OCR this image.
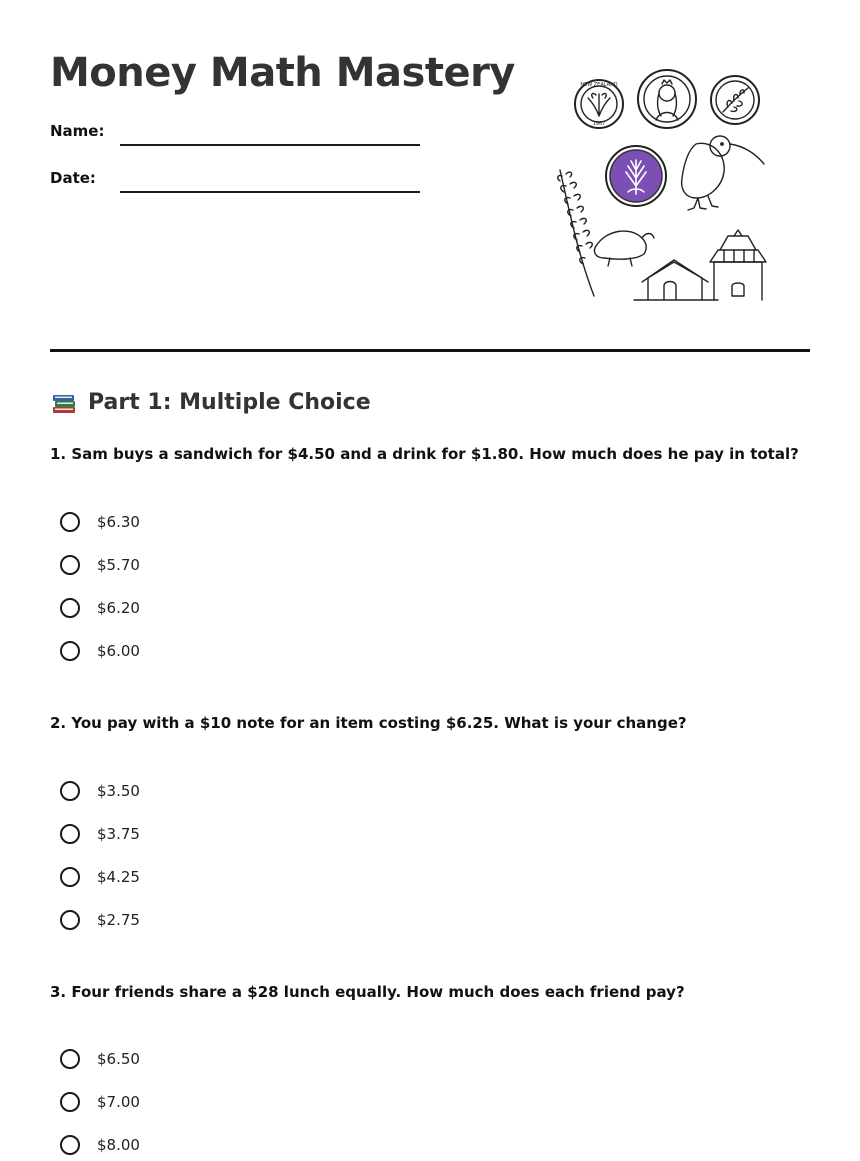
Money Math Mastery
Name:
Date:
NEW ZEALAND
1967
Part 1: Multiple Choice
1. Sam buys a sandwich for $4.50 and a drink for $1.80. How much does he pay in total?
$6.30
$5.70
$6.20
$6.00
2. You pay with a $10 note for an item costing $6.25. What is your change?
$3.50
$3.75
$4.25
$2.75
3. Four friends share a $28 lunch equally. How much does each friend pay?
$6.50
$7.00
$8.00
